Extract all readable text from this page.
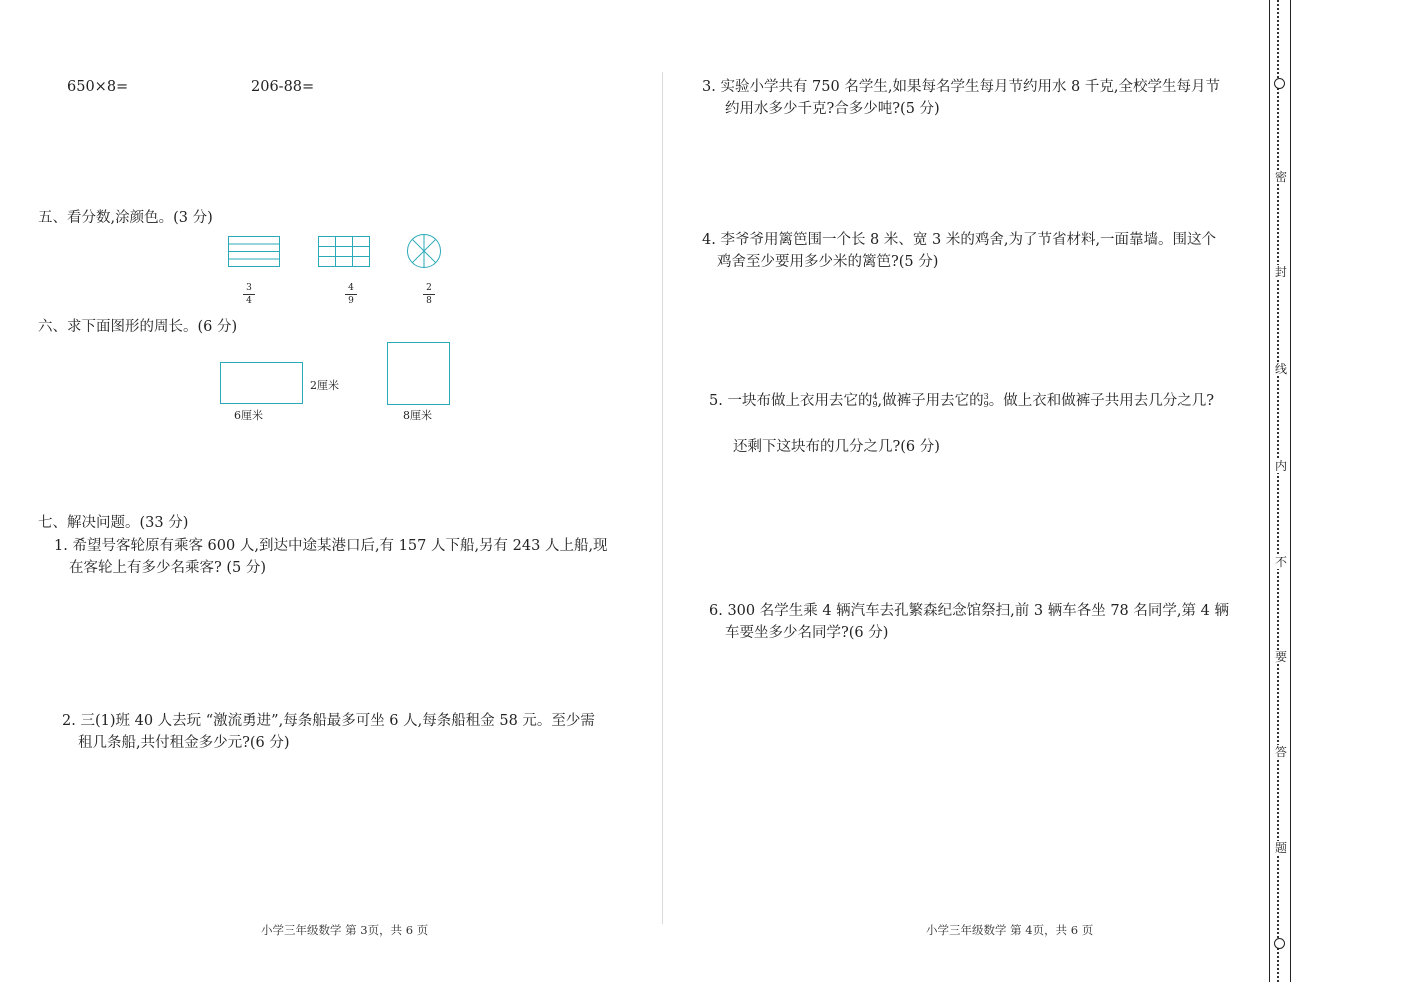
650×8=	206-88=
五、看分数,涂颜色。(3 分)
3
4
4
9
2
8
六、求下面图形的周长。(6 分)
2厘米
6厘米	8厘米
七、解决问题。(33 分)
1. 希望号客轮原有乘客 600 人,到达中途某港口后,有 157 人下船,另有 243 人上船,现
在客轮上有多少名乘客? (5 分)
2. 三(1)班 40 人去玩 “激流勇进”,每条船最多可坐 6 人,每条船租金 58 元。至少需
租几条船,共付租金多少元?(6 分)
小学三年级数学 第 3页，共 6 页
3. 实验小学共有 750 名学生,如果每名学生每月节约用水 8 千克,全校学生每月节
约用水多少千克?合多少吨?(5 分)
4. 李爷爷用篱笆围一个长 8 米、宽 3 米的鸡舍,为了节省材料,一面靠墙。围这个
鸡舍至少要用多少米的篱笆?(5 分)
5. 一块布做上衣用去它的4
9,做裤子用去它的3
9。做上衣和做裤子共用去几分之几?
还剩下这块布的几分之几?(6 分)
6. 300 名学生乘 4 辆汽车去孔繁森纪念馆祭扫,前 3 辆车各坐 78 名同学,第 4 辆
车要坐多少名同学?(6 分)
小学三年级数学 第 4页，共 6 页
密
封
线
内
不
要
答
题
